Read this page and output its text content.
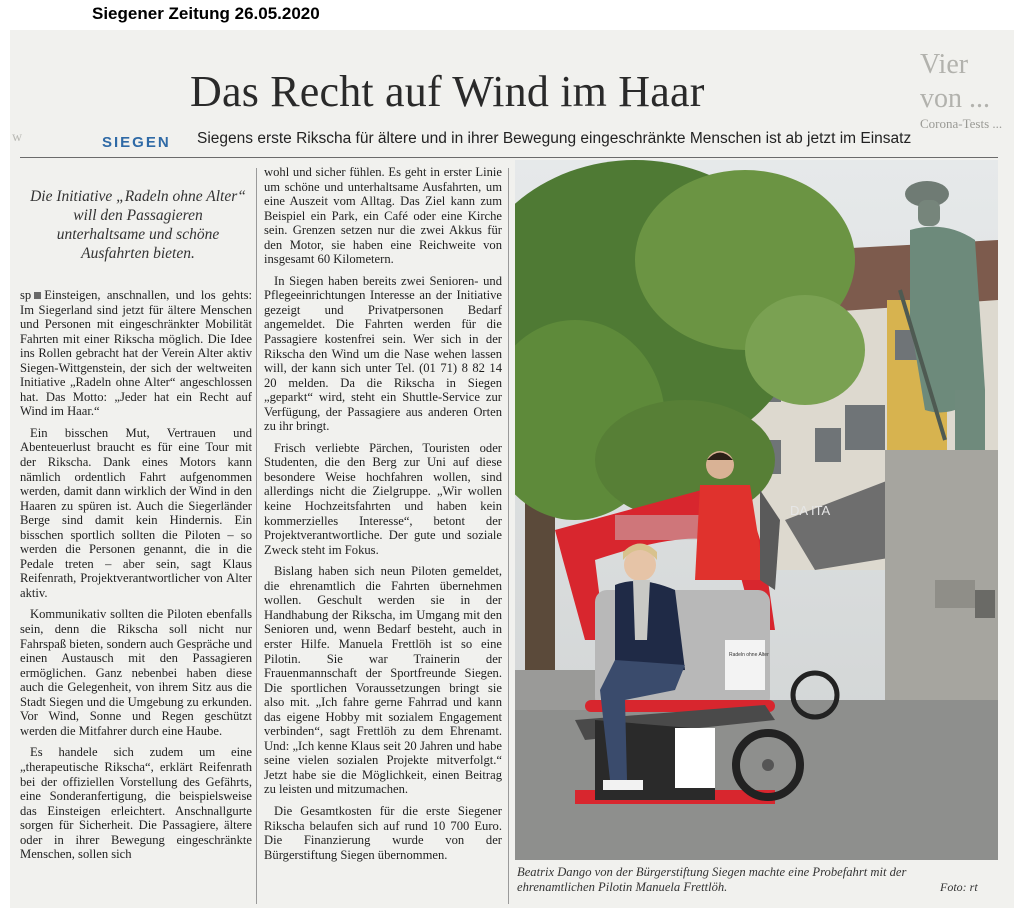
Siegener Zeitung 26.05.2020
Vier von ...
Corona-Tests ...
w
Das Recht auf Wind im Haar
SIEGEN Siegens erste Rikscha für ältere und in ihrer Bewegung eingeschränkte Menschen ist ab jetzt im Einsatz
Die Initiative „Radeln ohne Alter“ will den Passagieren unterhaltsame und schöne Ausfahrten bieten.

sp Einsteigen, anschnallen, und los gehts: Im Siegerland sind jetzt für ältere Menschen und Personen mit eingeschränkter Mobilität Fahrten mit einer Rikscha möglich. Die Idee ins Rollen gebracht hat der Verein Alter aktiv Siegen-Wittgenstein, der sich der weltweiten Initiative „Radeln ohne Alter“ angeschlossen hat. Das Motto: „Jeder hat ein Recht auf Wind im Haar.“

Ein bisschen Mut, Vertrauen und Abenteuerlust braucht es für eine Tour mit der Rikscha. Dank eines Motors kann nämlich ordentlich Fahrt aufgenommen werden, damit dann wirklich der Wind in den Haaren zu spüren ist. Auch die Siegerländer Berge sind damit kein Hindernis. Ein bisschen sportlich sollten die Piloten – so werden die Personen genannt, die in die Pedale treten – aber sein, sagt Klaus Reifenrath, Projektverantwortlicher von Alter aktiv.

Kommunikativ sollten die Piloten ebenfalls sein, denn die Rikscha soll nicht nur Fahrspaß bieten, sondern auch Gespräche und einen Austausch mit den Passagieren ermöglichen. Ganz nebenbei haben diese auch die Gelegenheit, von ihrem Sitz aus die Stadt Siegen und die Umgebung zu erkunden. Vor Wind, Sonne und Regen geschützt werden die Mitfahrer durch eine Haube.

Es handele sich zudem um eine „therapeutische Rikscha“, erklärt Reifenrath bei der offiziellen Vorstellung des Gefährts, eine Sonderanfertigung, die beispielsweise das Einsteigen erleichtert. Anschnallgurte sorgen für Sicherheit. Die Passagiere, ältere oder in ihrer Bewegung eingeschränkte Menschen, sollen sich

wohl und sicher fühlen. Es geht in erster Linie um schöne und unterhaltsame Ausfahrten, um eine Auszeit vom Alltag. Das Ziel kann zum Beispiel ein Park, ein Café oder eine Kirche sein. Grenzen setzen nur die zwei Akkus für den Motor, sie haben eine Reichweite von insgesamt 60 Kilometern.

In Siegen haben bereits zwei Senioren- und Pflegeeinrichtungen Interesse an der Initiative gezeigt und Privatpersonen Bedarf angemeldet. Die Fahrten werden für die Passagiere kostenfrei sein. Wer sich in der Rikscha den Wind um die Nase wehen lassen will, der kann sich unter Tel. (01 71) 8 82 14 20 melden. Da die Rikscha in Siegen „geparkt“ wird, steht ein Shuttle-Service zur Verfügung, der Passagiere aus anderen Orten zu ihr bringt.

Frisch verliebte Pärchen, Touristen oder Studenten, die den Berg zur Uni auf diese besondere Weise hochfahren wollen, sind allerdings nicht die Zielgruppe. „Wir wollen keine Hochzeitsfahrten und haben kein kommerzielles Interesse“, betont der Projektverantwortliche. Der gute und soziale Zweck steht im Fokus.

Bislang haben sich neun Piloten gemeldet, die ehrenamtlich die Fahrten übernehmen wollen. Geschult werden sie in der Handhabung der Rikscha, im Umgang mit den Senioren und, wenn Bedarf besteht, auch in erster Hilfe. Manuela Frettlöh ist so eine Pilotin. Sie war Trainerin der Frauenmannschaft der Sportfreunde Siegen. Die sportlichen Voraussetzungen bringt sie also mit. „Ich fahre gerne Fahrrad und kann das eigene Hobby mit sozialem Engagement verbinden“, sagt Frettlöh zu dem Ehrenamt. Und: „Ich kenne Klaus seit 20 Jahren und habe seine vielen sozialen Projekte mitverfolgt.“ Jetzt habe sie die Möglichkeit, einen Beitrag zu leisten und mitzumachen.

Die Gesamtkosten für die erste Siegener Rikscha belaufen sich auf rund 10 700 Euro. Die Finanzierung wurde von der Bürgerstiftung Siegen übernommen.

DA ITA
Radeln ohne Alter
Beatrix Dango von der Bürgerstiftung Siegen machte eine Probefahrt mit der ehrenamtlichen Pilotin Manuela Frettlöh.	Foto: rt
